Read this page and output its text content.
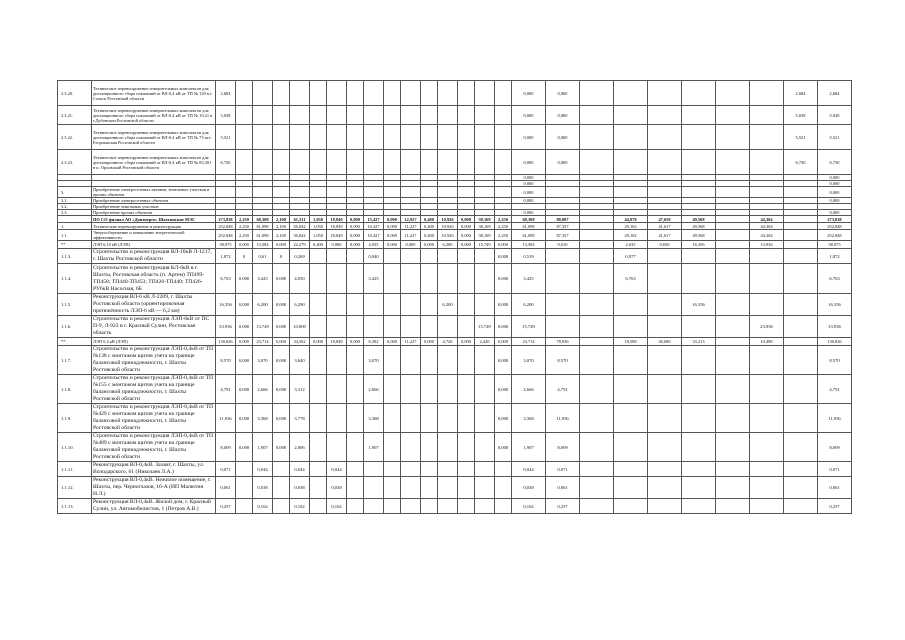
2.3.20.	Техническое перевооружение измерительных комплексов для дистанционного сбора показаний от ВЛ-0,4 кВ от ТП № 129 в г. Сальск Ростовской области	2,684																0,000	0,000							2,684	2,684
2.3.21.	Техническое перевооружение измерительных комплексов для дистанционного сбора показаний от ВЛ-0,4 кВ от ТП № 19,21 в г.Дубовском Ростовской области	5,038																0,000	0,000							5,038	5,038
2.3.22.	Техническое перевооружение измерительных комплексов для дистанционного сбора показаний от ВЛ-0,4 кВ от ТП № 73 пгт. Егорлыкская Ростовской области	5,521																0,000	0,000							5,521	5,521
2.3.23.	Техническое перевооружение измерительных комплексов для дистанционного сбора показаний от ВЛ-0,4 кВ от ТП № 83,301 в п. Орловский Ростовской области	6,730																0,000	0,000							6,730	6,730
																		0,000									0,000
																		0,000									0,000
3.	Приобретение электросетевых активов, земельных участков и прочих объектов																	0,000									0,000
3.1.	Приобретение электросетевых объектов																	0,000									0,000
3.2.	Приобретение земельных участков																										
3.3.	Приобретение прочих объектов																	0,000									0,000
	ПО СО филиал АО «Донэнерго» Шахтинские МЭС	273,838	2,250	68,308	2,100	61,211	1,050	18,849	0,000	15,427	0,000	12,927	0,400	10,926	0,000	38,169	2,250	68,308	88,087		44,878	47,650	49,568		44,304		273,838
1.	Технические перевооружение и реконструкция	252,848	2,250	61,098	2,100	56,842	1,050	18,849	0,000	10,427	0,000	11,227	0,400	10,926	0,000	38,169	2,250	61,098	87,357		29,102	41,617	49,568		44,304		252,848
1.1.	Энергосбережение и повышение энергетической эффективности	252,848	2,250	61,098	2,100	56,842	1,050	18,849	0,000	10,427	0,000	11,227	0,400	10,926	0,000	38,169	2,250	61,098	87,357		29,102	41,617	49,568		44,304		252,848
**	ЛЭП 6,10 кВ (ЛЭП)	58,975	0,000	13,584	0,000	22,279	0,400	0,000	0,000	4,035	0,000	0,000	0,000	6,200	0,000	15,749	0,000	13,584	9,010		2,635	9,650	16,356		13,936		58,975
1.1.3.	Строительство и реконструкция ВЛ-10кВ Л-1217, г. Шахты Ростовской области	1,872	0	0,61	0	0,269				0,040							0,000	0,519			0,977						1,872
1.1.4.	Строительство и реконструкция КЛ-6кВ в г. Шахты, Ростовская область (п. Артем) ТП499-ТП458; ТП440-ТП453; ТП426-ТП440; ТП426-РУ6кВ Насосная, 6Б	6,763	0,000	3,425	0,000	4,030				3,425							0,000	3,425			6,763						6,763
1.1.5.	Реконструкция ВЛ-6 кВ Л-2209, г. Шахты Ростовской области (ориентировочная протяжённость ЛЭП-6 кВ — 6,2 км)	16,356	0,000	6,200	0,000	6,290								6,200			0,000	6,200					16,356				16,356
1.1.6.	Строительство и реконструкция ЛЭП-6кВ от ПС П-9, Л-923 в г. Красный Сулин, Ростовская область	33,936	0,000	13,749	0,000	10,000										15,749	0,000	15,749							23,936		33,936
**	ЛЭП 0,4 кВ (ЛЭП)	130,826	0,000	23,714	0,000	34,562	0,000	18,849	0,000	6,392	0,000	11,227	0,000	4,726	0,000	2,420	0,000	23,714	78,936		18,588	40,686	33,213		10,498		130,826
1.1.7.	Строительство и реконструкция ЛЭП-0,4кВ от ТП №138 с монтажом щитов учета на границе балансовой принадлежности, г. Шахты Ростовской области	8,570	0,000	3,070	0,000	3,640				3,070							0,000	3,070	8,570								8,570
1.1.8.	Строительство и реконструкция ЛЭП-0,4кВ от ТП №155 с монтажом щитов учета на границе балансовой принадлежности, г. Шахты Ростовской области	4,791	0,000	2,666	0,000	3,312				2,666							0,000	2,666	4,791								4,791
1.1.9.	Строительство и реконструкция ЛЭП-0,4кВ от ТП №429 с монтажом щитов учета на границе балансовой принадлежности, г. Шахты Ростовской области	11,936	0,000	3,368	0,000	3,778				3,368							0,000	3,368	11,936								11,936
1.1.10.	Строительство и реконструкция ЛЭП-0,4кВ от ТП №489 с монтажом щитов учета на границе балансовой принадлежности, г. Шахты Ростовской области	8,009	0,000	1,907	0,000	2,006				1,907							0,000	1,907	8,009								8,009
1.1.11.	Реконструкция ВЛ-0,4кВ. Захват, г. Шахты, ул. Володарского, 61 (Николаев Л.А.)	0,071		0,044		0,044		0,044										0,044	0,071								0,071
1.1.12.	Реконструкция ВЛ-0,4кВ. Нежилое помещение, г. Шахты, пер. Черноглазов, 16-А (ИП Малютин И.Л.)	0,061		0,038		0,038		0,038										0,038	0,061								0,061
1.1.13.	Реконструкция ВЛ-0,4кВ. Жилой дом, г. Красный Сулин, ул. Автомобилистов, 1 (Петров А.В.)	0,257		0,162		0,162		0,162										0,162	0,257								0,257
